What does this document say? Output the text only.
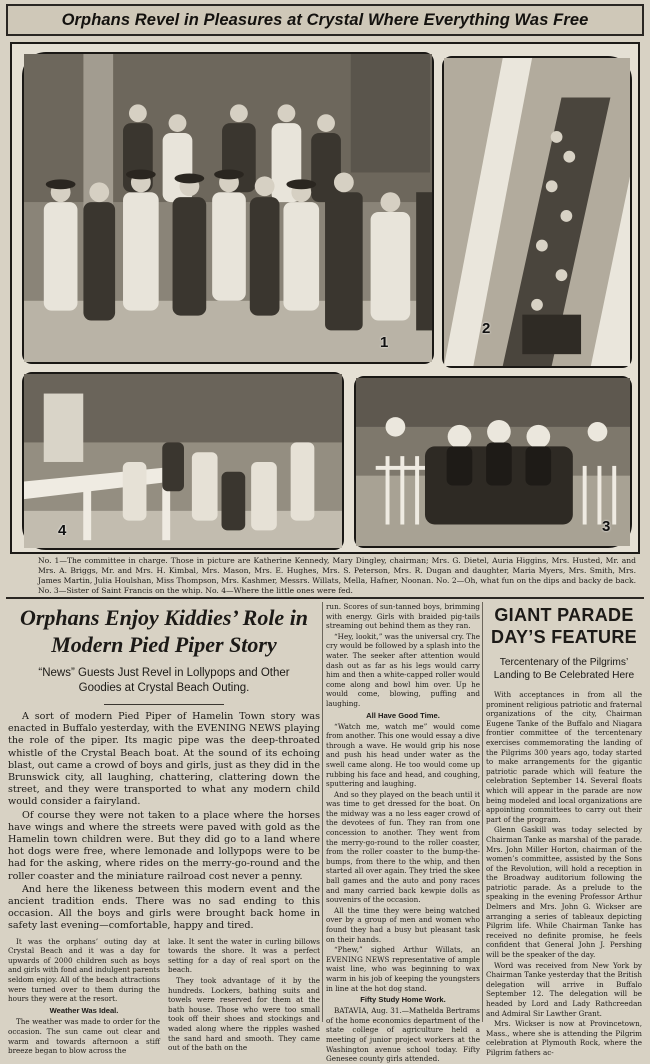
Orphans Revel in Pleasures at Crystal Where Everything Was Free
1
2
4	3
No. 1—The committee in charge. Those in picture are Katherine Kennedy, Mary Dingley, chairman; Mrs. G. Dietel, Auria Higgins, Mrs. Husted, Mr. and Mrs. A. Briggs, Mr. and Mrs. H. Kimbal, Mrs. Mason, Mrs. E. Hughes, Mrs. S. Peterson, Mrs. R. Dugan and daughter, Maria Myers, Mrs. Smith, Mrs. James Martin, Julia Houlshan, Miss Thompson, Mrs. Kashmer, Messrs. Willats, Mella, Hafner, Noonan. No. 2—Oh, what fun on the dips and backy de back. No. 3—Sister of Saint Francis on the whip. No. 4—Where the little ones were fed.
Orphans Enjoy Kiddies’ Role in Modern Pied Piper Story
“News” Guests Just Revel in Lollypops and Other Goodies at Crystal Beach Outing.

A sort of modern Pied Piper of Hamelin Town story was enacted in Buffalo yesterday, with the EVENING NEWS playing the role of the piper. Its magic pipe was the deep-throated whistle of the Crystal Beach boat. At the sound of its echoing blast, out came a crowd of boys and girls, just as they did in the Brunswick city, all laughing, chattering, clattering down the street, and they were transported to what any modern child would consider a fairyland.

Of course they were not taken to a place where the horses have wings and where the streets were paved with gold as the Hamelin town children were. But they did go to a land where hot dogs were free, where lemonade and lollypops were to be had for the asking, where rides on the merry-go-round and the roller coaster and the miniature railroad cost never a penny.

And here the likeness between this modern event and the ancient tradition ends. There was no sad ending to this occasion. All the boys and girls were brought back home in safety last evening—comfortable, happy and tired.

It was the orphans’ outing day at Crystal Beach and it was a day for upwards of 2000 children such as boys and girls with fond and indulgent parents seldom enjoy. All of the beach attractions were turned over to them during the hours they were at the resort.

Weather Was Ideal.

The weather was made to order for the occasion. The sun came out clear and warm and towards afternoon a stiff breeze began to blow across the

lake. It sent the water in curling billows towards the shore. It was a perfect setting for a day of real sport on the beach.

They took advantage of it by the hundreds. Lockers, bathing suits and towels were reserved for them at the bath house. Those who were too small took off their shoes and stockings and waded along where the ripples washed the sand hard and smooth. They came out of the bath on the

run. Scores of sun-tanned boys, brimming with energy. Girls with braided pig-tails streaming out behind them as they ran.

“Hey, lookit,” was the universal cry. The cry would be followed by a splash into the water. The seeker after attention would dash out as far as his legs would carry him and then a white-capped roller would come along and bowl him over. Up he would come, blowing, puffing and laughing.

All Have Good Time.

“Watch me, watch me” would come from another. This one would essay a dive through a wave. He would grip his nose and push his head under water as the swell came along. He too would come up rubbing his face and head, and coughing, sputtering and laughing.

And so they played on the beach until it was time to get dressed for the boat. On the midway was a no less eager crowd of the devotees of fun. They ran from one concession to another. They went from the merry-go-round to the roller coaster, from the roller coaster to the bump-the-bumps, from there to the whip, and then started all over again. They tried the skee ball games and the auto and pony races and many carried back kewpie dolls as souvenirs of the occasion.

All the time they were being watched over by a group of men and women who found they had a busy but pleasant task on their hands.

“Phew,” sighed Arthur Willats, an EVENING NEWS representative of ample waist line, who was beginning to wax warm in his job of keeping the youngsters in line at the hot dog stand.

Fifty Study Home Work.

BATAVIA, Aug. 31.—Mathelda Bertrams of the home economics department of the state college of agriculture held a meeting of junior project workers at the Washington avenue school today. Fifty Genesee county girls attended.

GIANT PARADE DAY’S FEATURE
Tercentenary of the Pilgrims’ Landing to Be Celebrated Here

With acceptances in from all the prominent religious patriotic and fraternal organizations of the city, Chairman Eugene Tanke of the Buffalo and Niagara frontier committee of the tercentenary exercises commemorating the landing of the Pilgrims 300 years ago, today started to make arrangements for the gigantic patriotic parade which will feature the celebration September 14. Several floats which will appear in the parade are now being modeled and local organizations are appointing committees to carry out their part of the program.

Glenn Gaskill was today selected by Chairman Tanke as marshal of the parade. Mrs. John Miller Horton, chairman of the women’s committee, assisted by the Sons of the Revolution, will hold a reception in the Broadway auditorium following the patriotic parade. As a prelude to the speaking in the evening Professor Arthur Delmers and Mrs. John G. Wickser are arranging a series of tableaux depicting Pilgrim life. While Chairman Tanke has received no definite promise, he feels confident that General John J. Pershing will be the speaker of the day.

Word was received from New York by Chairman Tanke yesterday that the British delegation will arrive in Buffalo September 12. The delegation will be headed by Lord and Lady Rathcreedan and Admiral Sir Lawther Grant.

Mrs. Wickser is now at Provincetown, Mass., where she is attending the Pilgrim celebration at Plymouth Rock, where the Pilgrim fathers ac-
